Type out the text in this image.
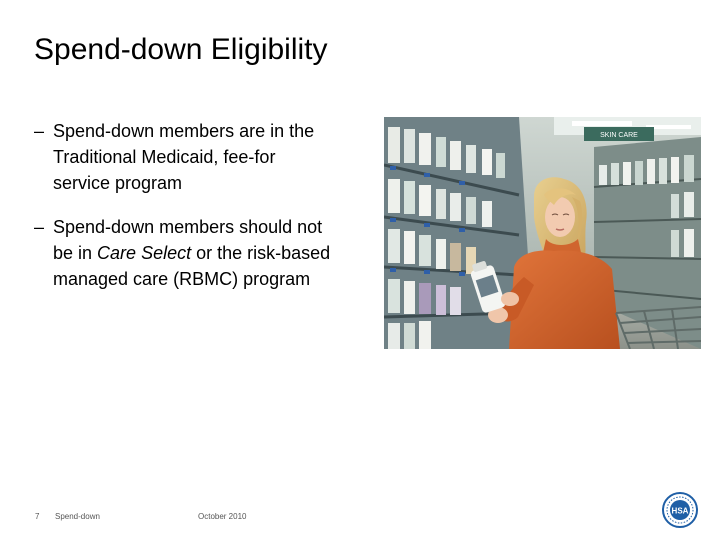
Spend-down Eligibility
– Spend-down members are in the
Traditional Medicaid, fee-for
service program
– Spend-down members should not
be in Care Select or the risk-based
managed care (RBMC) program
SKIN CARE
7 Spend-down	October 2010
HSA
